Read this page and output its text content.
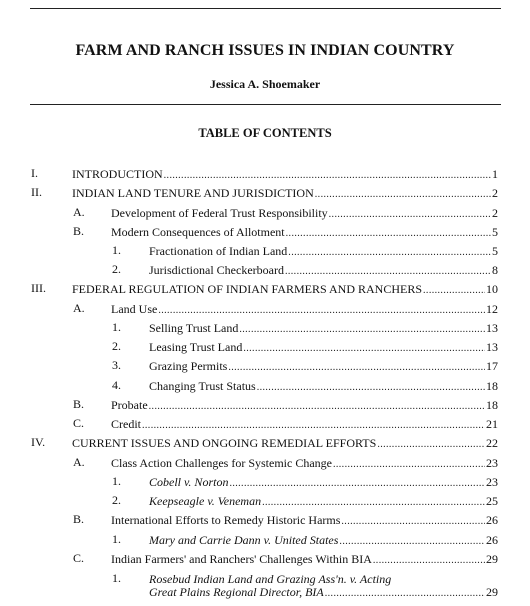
FARM AND RANCH ISSUES IN INDIAN COUNTRY
Jessica A. Shoemaker
TABLE OF CONTENTS
I.	INTRODUCTION .....	1
II.	INDIAN LAND TENURE AND JURISDICTION .....	2
A. Development of Federal Trust Responsibility .....	2
B. Modern Consequences of Allotment .....	5
1. Fractionation of Indian Land .....	5
2. Jurisdictional Checkerboard .....	8
III. FEDERAL REGULATION OF INDIAN FARMERS AND RANCHERS .....	10
A. Land Use .....	12
1. Selling Trust Land .....	13
2. Leasing Trust Land .....	13
3. Grazing Permits .....	17
4. Changing Trust Status .....	18
B. Probate .....	18
C. Credit .....	21
IV. CURRENT ISSUES AND ONGOING REMEDIAL EFFORTS .....	22
A. Class Action Challenges for Systemic Change .....	23
1. Cobell v. Norton .....	23
2. Keepseagle v. Veneman .....	25
B. International Efforts to Remedy Historic Harms .....	26
1. Mary and Carrie Dann v. United States .....	26
C. Indian Farmers' and Ranchers' Challenges Within BIA .....	29
1. Rosebud Indian Land and Grazing Ass'n. v. Acting
Great Plains Regional Director, BIA .....	29
